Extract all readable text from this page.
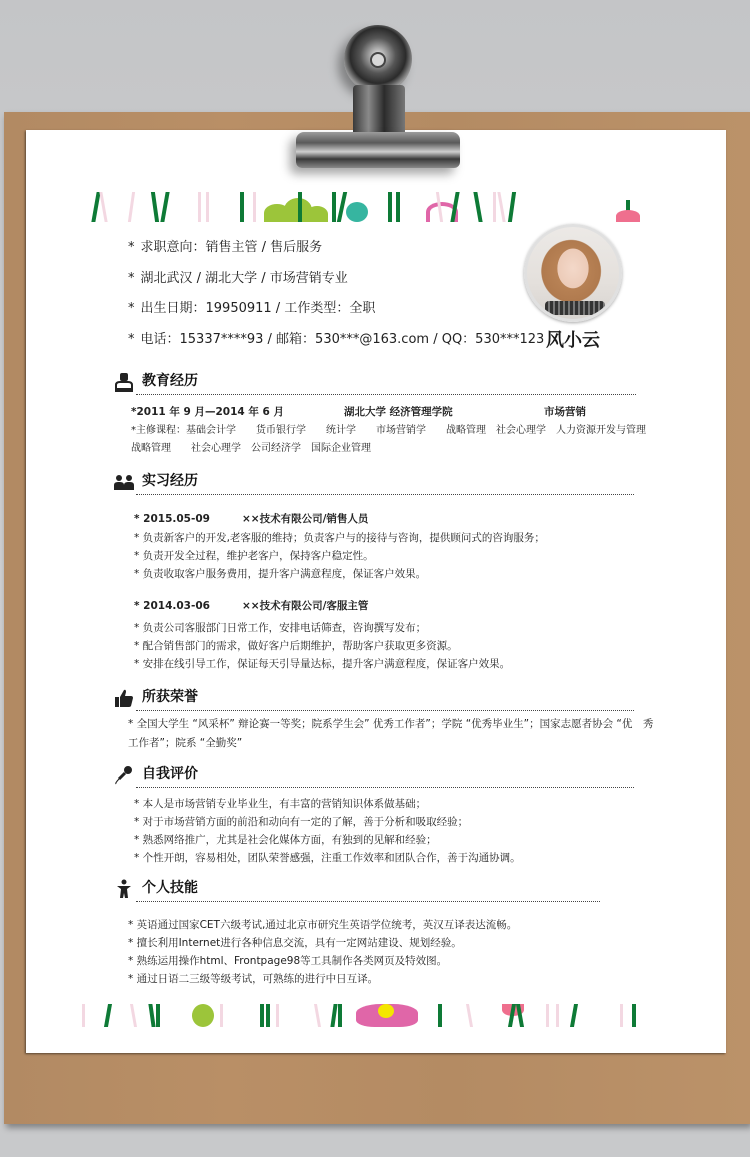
* 求职意向：销售主管 / 售后服务
* 湖北武汉 / 湖北大学 / 市场营销专业
* 出生日期：19950911 / 工作类型：全职
* 电话：15337****93 / 邮箱：530***@163.com / QQ：530***123 风小云
教育经历
*2011 年 9 月—2014 年 6 月	湖北大学 经济管理学院	市场营销
*主修课程：基础会计学　　货币银行学　　统计学　　市场营销学　　战略管理　社会心理学　人力资源开发与管理
战略管理　　社会心理学　公司经济学　国际企业管理
实习经历
* 2015.05-09	××技术有限公司/销售人员
* 负责新客户的开发,老客服的维持；负责客户与的接待与咨询，提供顾问式的咨询服务；
* 负责开发全过程，维护老客户，保持客户稳定性。
* 负责收取客户服务费用，提升客户满意程度，保证客户效果。
* 2014.03-06	××技术有限公司/客服主管
* 负责公司客服部门日常工作，安排电话筛查，咨询撰写发布；
* 配合销售部门的需求，做好客户后期维护，帮助客户获取更多资源。
* 安排在线引导工作，保证每天引导量达标，提升客户满意程度，保证客户效果。
所获荣誉
* 全国大学生 “风采杯” 辩论赛一等奖；院系学生会” 优秀工作者”；学院 “优秀毕业生”；国家志愿者协会 “优　秀
工作者”；院系 “全勤奖”
自我评价
* 本人是市场营销专业毕业生，有丰富的营销知识体系做基础；
* 对于市场营销方面的前沿和动向有一定的了解，善于分析和吸取经验；
* 熟悉网络推广，尤其是社会化媒体方面，有独到的见解和经验；
* 个性开朗，容易相处，团队荣誉感强，注重工作效率和团队合作，善于沟通协调。
个人技能
* 英语通过国家CET六级考试,通过北京市研究生英语学位统考，英汉互译表达流畅。
* 擅长利用Internet进行各种信息交流，具有一定网站建设、规划经验。
* 熟练运用操作html、Frontpage98等工具制作各类网页及特效图。
* 通过日语二三级等级考试，可熟练的进行中日互译。
